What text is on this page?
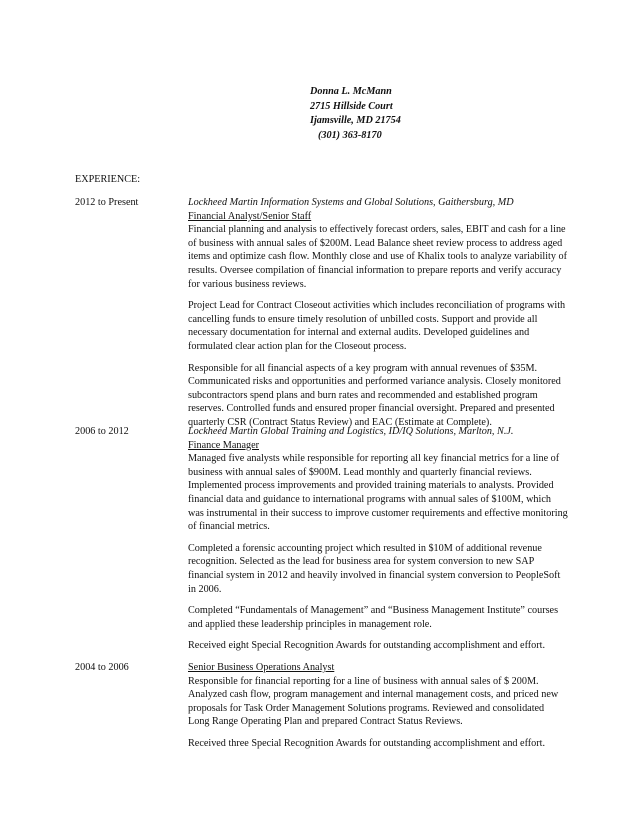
Donna L. McMann
2715 Hillside Court
Ijamsville, MD 21754
(301) 363-8170
EXPERIENCE:
2012 to Present	Lockheed Martin Information Systems and Global Solutions, Gaithersburg, MD
Financial Analyst/Senior Staff

Financial planning and analysis to effectively forecast orders, sales, EBIT and cash for a line of business with annual sales of $200M. Lead Balance sheet review process to address aged items and optimize cash flow. Monthly close and use of Khalix tools to analyze variability of results. Oversee compilation of financial information to prepare reports and verify accuracy for various business reviews.

Project Lead for Contract Closeout activities which includes reconciliation of programs with cancelling funds to ensure timely resolution of unbilled costs. Support and provide all necessary documentation for internal and external audits. Developed guidelines and formulated clear action plan for the Closeout process.

Responsible for all financial aspects of a key program with annual revenues of $35M. Communicated risks and opportunities and performed variance analysis. Closely monitored subcontractors spend plans and burn rates and recommended and established program reserves. Controlled funds and ensured proper financial oversight. Prepared and presented quarterly CSR (Contract Status Review) and EAC (Estimate at Complete).

2006 to 2012	Lockheed Martin Global Training and Logistics, ID/IQ Solutions, Marlton, N.J.
Finance Manager

Managed five analysts while responsible for reporting all key financial metrics for a line of business with annual sales of $900M. Lead monthly and quarterly financial reviews. Implemented process improvements and provided training materials to analysts. Provided financial data and guidance to international programs with annual sales of $100M, which was instrumental in their success to improve customer requirements and effective monitoring of financial metrics.

Completed a forensic accounting project which resulted in $10M of additional revenue recognition. Selected as the lead for business area for system conversion to new SAP financial system in 2012 and heavily involved in financial system conversion to PeopleSoft in 2006.

Completed “Fundamentals of Management” and “Business Management Institute” courses and applied these leadership principles in management role.

Received eight Special Recognition Awards for outstanding accomplishment and effort.

2004 to 2006	Senior Business Operations Analyst

Responsible for financial reporting for a line of business with annual sales of $ 200M. Analyzed cash flow, program management and internal management costs, and priced new proposals for Task Order Management Solutions programs. Reviewed and consolidated Long Range Operating Plan and prepared Contract Status Reviews.

Received three Special Recognition Awards for outstanding accomplishment and effort.
